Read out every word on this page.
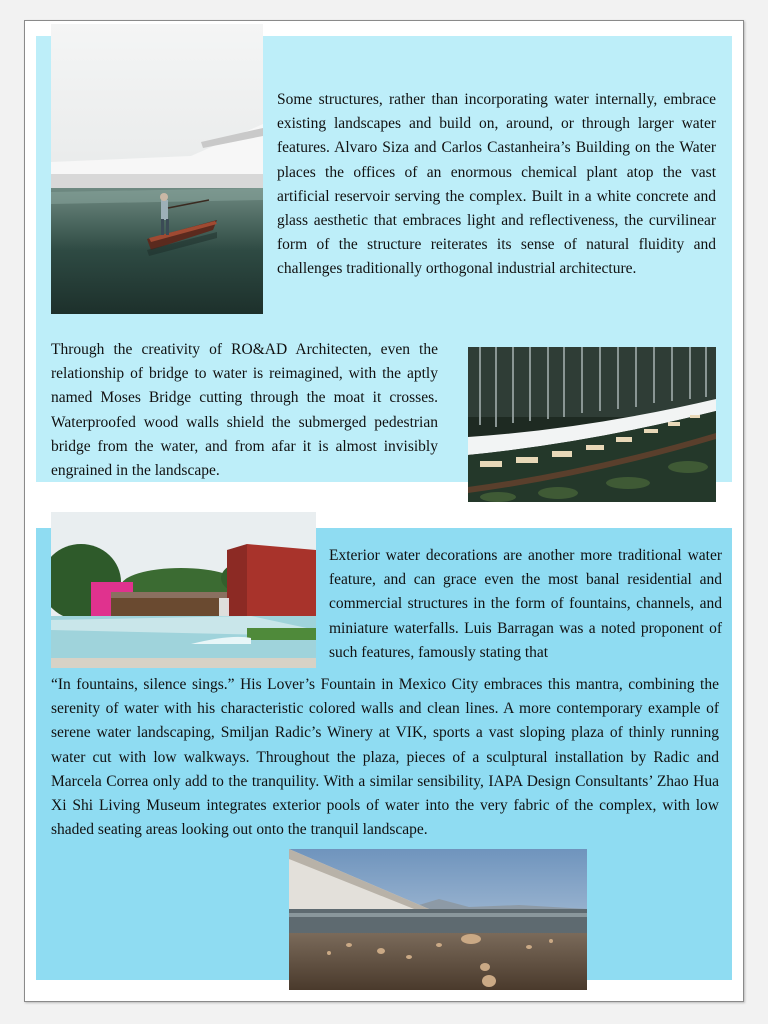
Some structures, rather than incorporating water internally, embrace existing landscapes and build on, around, or through larger water features. Alvaro Siza and Carlos Castanheira’s Building on the Water places the offices of an enormous chemical plant atop the vast artificial reservoir serving the complex. Built in a white concrete and glass aesthetic that embraces light and reflectiveness, the curvilinear form of the structure reiterates its sense of natural fluidity and challenges traditionally orthogonal industrial architecture.

Through the creativity of RO&AD Architecten, even the relationship of bridge to water is reimagined, with the aptly named Moses Bridge cutting through the moat it crosses. Waterproofed wood walls shield the submerged pedestrian bridge from the water, and from afar it is almost invisibly engrained in the landscape.

Exterior water decorations are another more traditional water feature, and can grace even the most banal residential and commercial structures in the form of fountains, channels, and miniature waterfalls. Luis Barragan was a noted proponent of such features, famously stating that

“In fountains, silence sings.” His Lover’s Fountain in Mexico City embraces this mantra, combining the serenity of water with his characteristic colored walls and clean lines. A more contemporary example of serene water landscaping, Smiljan Radic’s Winery at VIK, sports a vast sloping plaza of thinly running water cut with low walkways. Throughout the plaza, pieces of a sculptural installation by Radic and Marcela Correa only add to the tranquility. With a similar sensibility, IAPA Design Consultants’ Zhao Hua Xi Shi Living Museum integrates exterior pools of water into the very fabric of the complex, with low shaded seating areas looking out onto the tranquil landscape.
